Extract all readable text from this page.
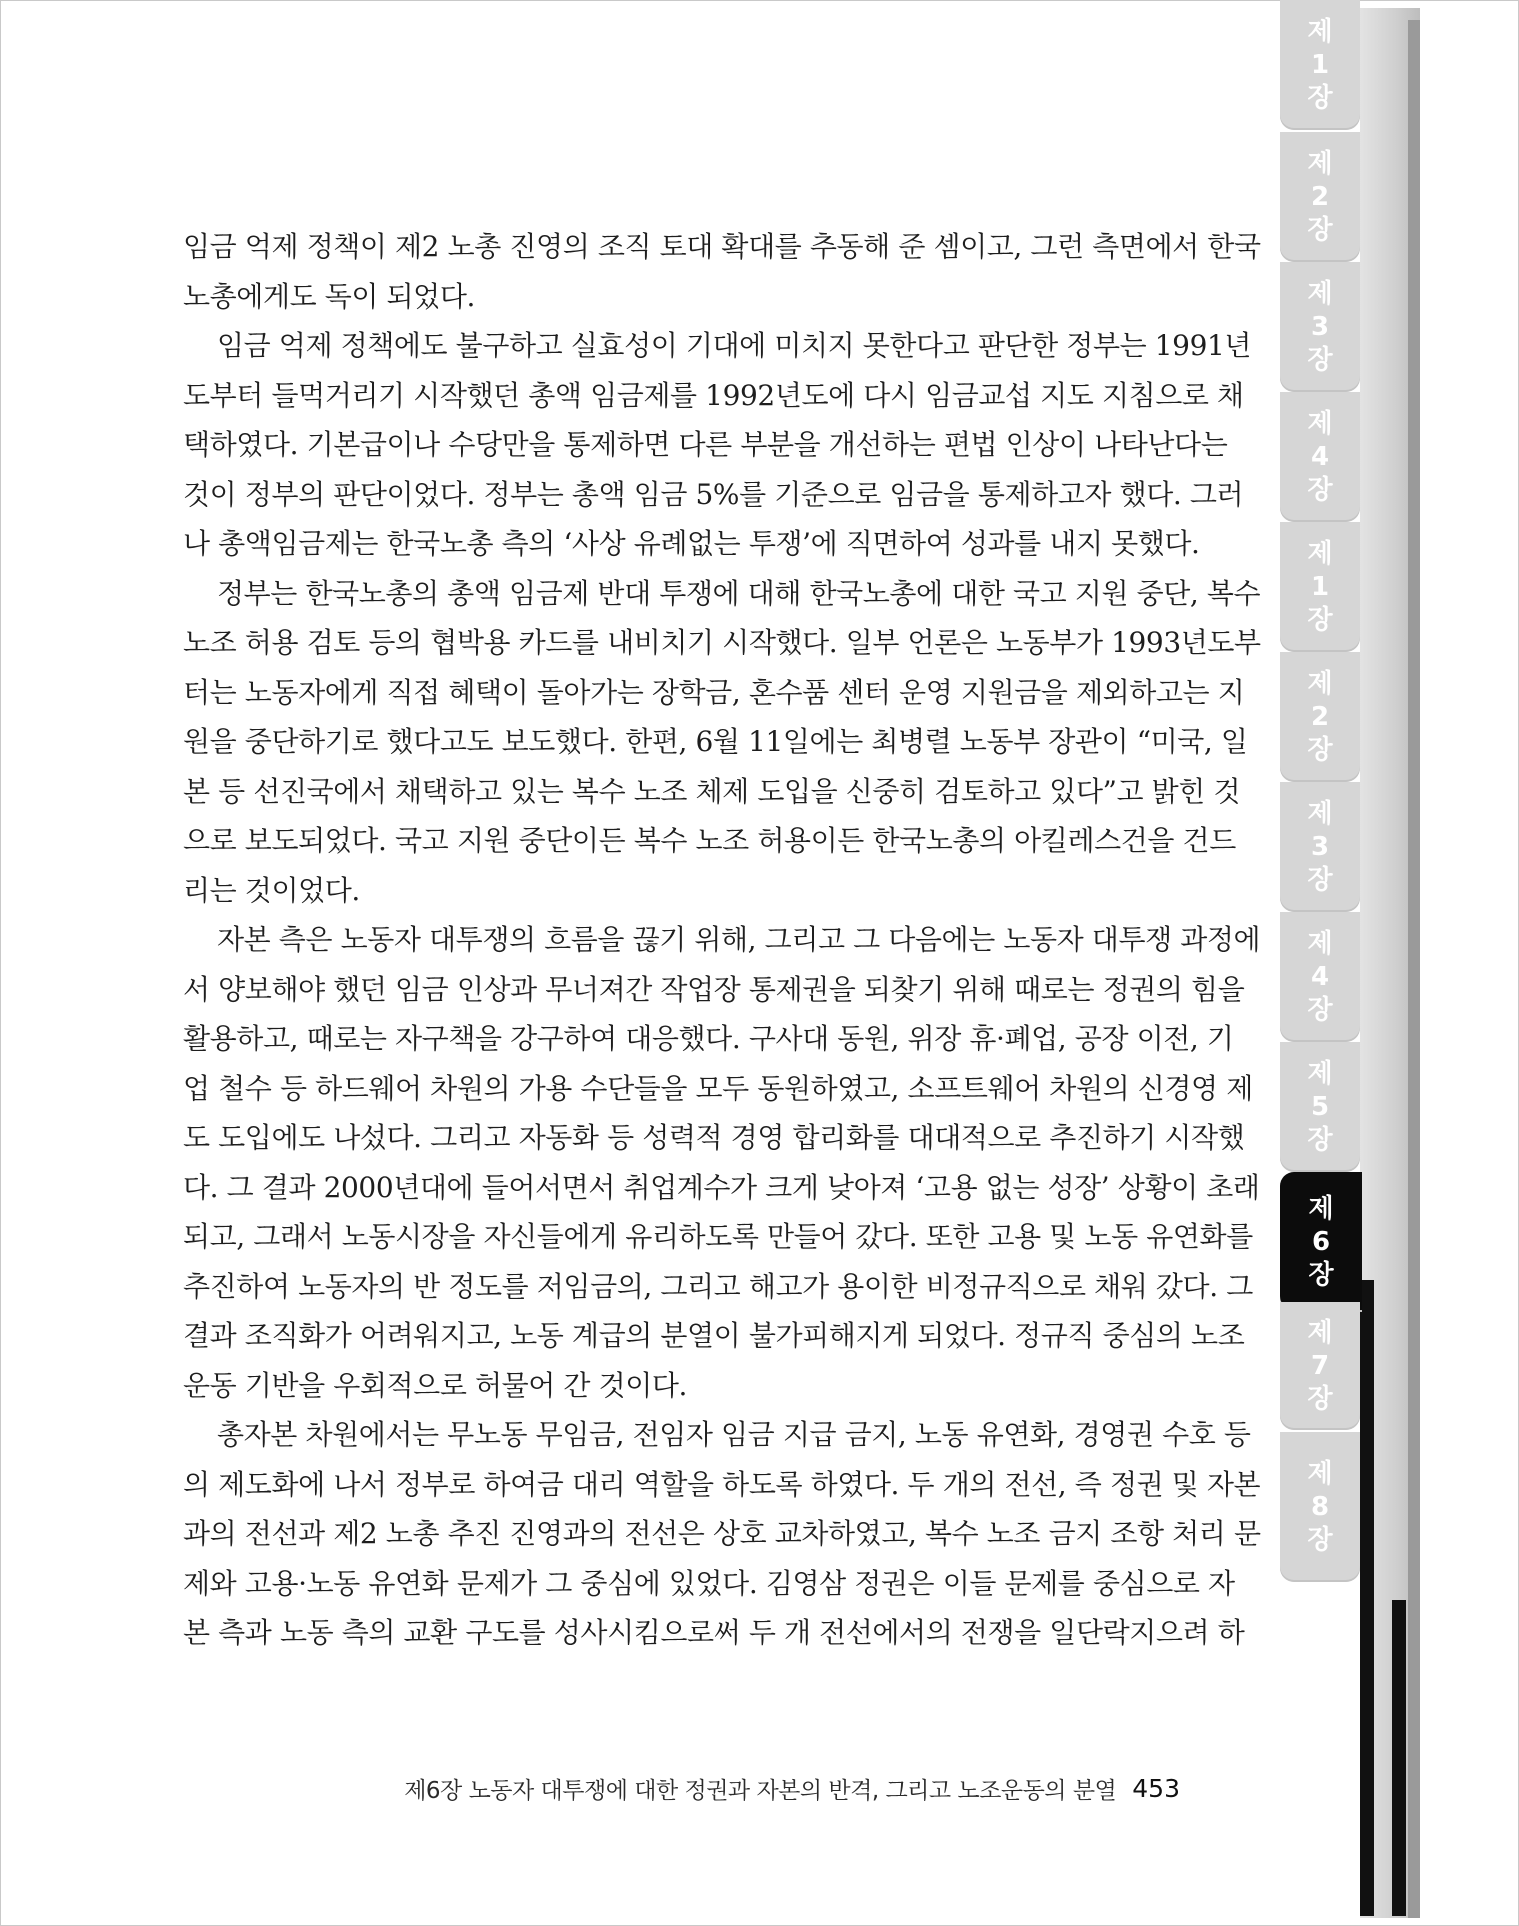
임금 억제 정책이 제2 노총 진영의 조직 토대 확대를 추동해 준 셈이고, 그런 측면에서 한국
노총에게도 독이 되었다.
임금 억제 정책에도 불구하고 실효성이 기대에 미치지 못한다고 판단한 정부는 1991년
도부터 들먹거리기 시작했던 총액 임금제를 1992년도에 다시 임금교섭 지도 지침으로 채
택하였다. 기본급이나 수당만을 통제하면 다른 부분을 개선하는 편법 인상이 나타난다는
것이 정부의 판단이었다. 정부는 총액 임금 5%를 기준으로 임금을 통제하고자 했다. 그러
나 총액임금제는 한국노총 측의 ‘사상 유례없는 투쟁’에 직면하여 성과를 내지 못했다.
정부는 한국노총의 총액 임금제 반대 투쟁에 대해 한국노총에 대한 국고 지원 중단, 복수
노조 허용 검토 등의 협박용 카드를 내비치기 시작했다. 일부 언론은 노동부가 1993년도부
터는 노동자에게 직접 혜택이 돌아가는 장학금, 혼수품 센터 운영 지원금을 제외하고는 지
원을 중단하기로 했다고도 보도했다. 한편, 6월 11일에는 최병렬 노동부 장관이 “미국, 일
본 등 선진국에서 채택하고 있는 복수 노조 체제 도입을 신중히 검토하고 있다”고 밝힌 것
으로 보도되었다. 국고 지원 중단이든 복수 노조 허용이든 한국노총의 아킬레스건을 건드
리는 것이었다.
자본 측은 노동자 대투쟁의 흐름을 끊기 위해, 그리고 그 다음에는 노동자 대투쟁 과정에
서 양보해야 했던 임금 인상과 무너져간 작업장 통제권을 되찾기 위해 때로는 정권의 힘을
활용하고, 때로는 자구책을 강구하여 대응했다. 구사대 동원, 위장 휴·폐업, 공장 이전, 기
업 철수 등 하드웨어 차원의 가용 수단들을 모두 동원하였고, 소프트웨어 차원의 신경영 제
도 도입에도 나섰다. 그리고 자동화 등 성력적 경영 합리화를 대대적으로 추진하기 시작했
다. 그 결과 2000년대에 들어서면서 취업계수가 크게 낮아져 ‘고용 없는 성장’ 상황이 초래
되고, 그래서 노동시장을 자신들에게 유리하도록 만들어 갔다. 또한 고용 및 노동 유연화를
추진하여 노동자의 반 정도를 저임금의, 그리고 해고가 용이한 비정규직으로 채워 갔다. 그
결과 조직화가 어려워지고, 노동 계급의 분열이 불가피해지게 되었다. 정규직 중심의 노조
운동 기반을 우회적으로 허물어 간 것이다.
총자본 차원에서는 무노동 무임금, 전임자 임금 지급 금지, 노동 유연화, 경영권 수호 등
의 제도화에 나서 정부로 하여금 대리 역할을 하도록 하였다. 두 개의 전선, 즉 정권 및 자본
과의 전선과 제2 노총 추진 진영과의 전선은 상호 교차하였고, 복수 노조 금지 조항 처리 문
제와 고용·노동 유연화 문제가 그 중심에 있었다. 김영삼 정권은 이들 문제를 중심으로 자
본 측과 노동 측의 교환 구도를 성사시킴으로써 두 개 전선에서의 전쟁을 일단락지으려 하
제6장 노동자 대투쟁에 대한 정권과 자본의 반격, 그리고 노조운동의 분열 453
제
1
장
제
2
장
제
3
장
제
4
장
제
1
장
제
2
장
제
3
장
제
4
장
제
5
장
제
6
장
제
7
장
제
8
장
